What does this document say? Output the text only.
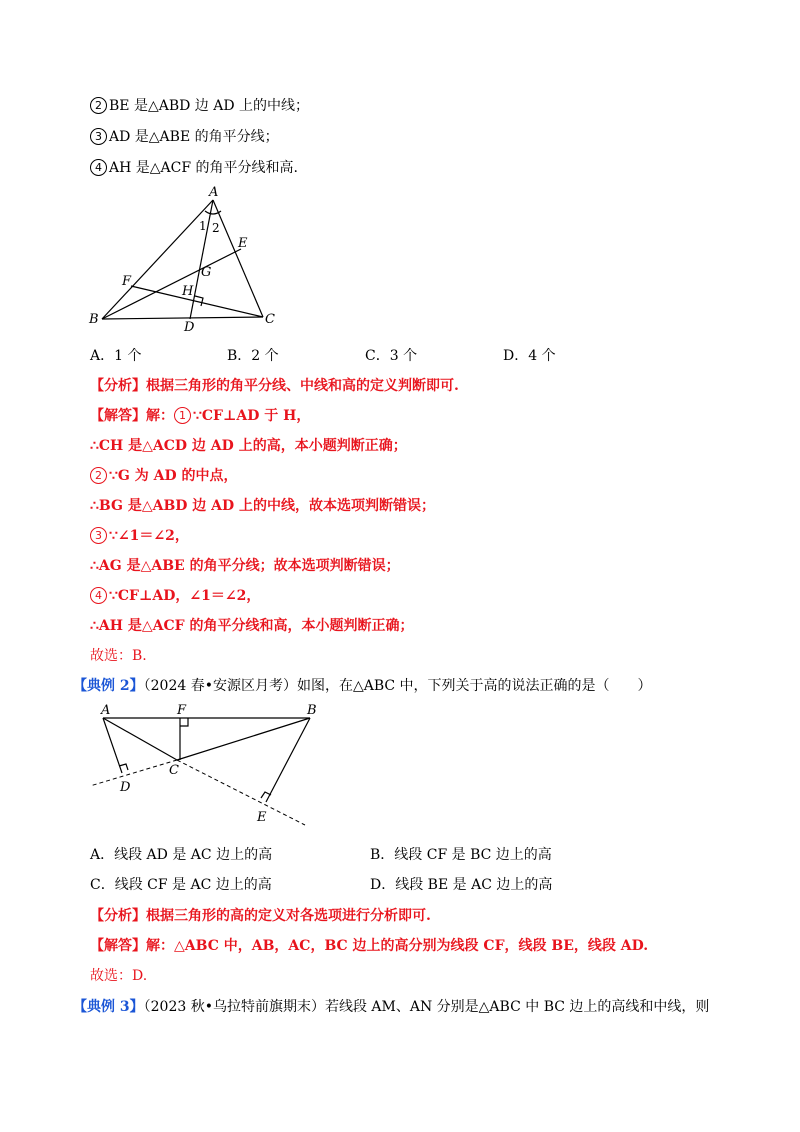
2 BE 是△ABD 边 AD 上的中线；
3 AD 是△ABE 的角平分线；
4 AH 是△ACF 的角平分线和高.
A
B	C
D
E
F
G
H
1 2
A．1 个	B．2 个	C．3 个	D．4 个
【分析】根据三角形的角平分线、中线和高的定义判断即可.
【解答】解： 1 ∵CF⊥AD 于 H，
∴CH 是△ACD 边 AD 上的高，本小题判断正确；
2 ∵G 为 AD 的中点，
∴BG 是△ABD 边 AD 上的中线，故本选项判断错误；
3 ∵∠1＝∠2，
∴AG 是△ABE 的角平分线；故本选项判断错误；
4 ∵CF⊥AD，∠1＝∠2，
∴AH 是△ACF 的角平分线和高，本小题判断正确；
故选：B.
【典例 2】（2024 春•安源区月考）如图，在△ABC 中，下列关于高的说法正确的是（　　）
A	B
C
D
E
F
A．线段 AD 是 AC 边上的高	B．线段 CF 是 BC 边上的高
C．线段 CF 是 AC 边上的高	D．线段 BE 是 AC 边上的高
【分析】根据三角形的高的定义对各选项进行分析即可.
【解答】解：△ABC 中，AB，AC，BC 边上的高分别为线段 CF，线段 BE，线段 AD.
故选：D.
【典例 3】（2023 秋•乌拉特前旗期末）若线段 AM、AN 分别是△ABC 中 BC 边上的高线和中线，则
